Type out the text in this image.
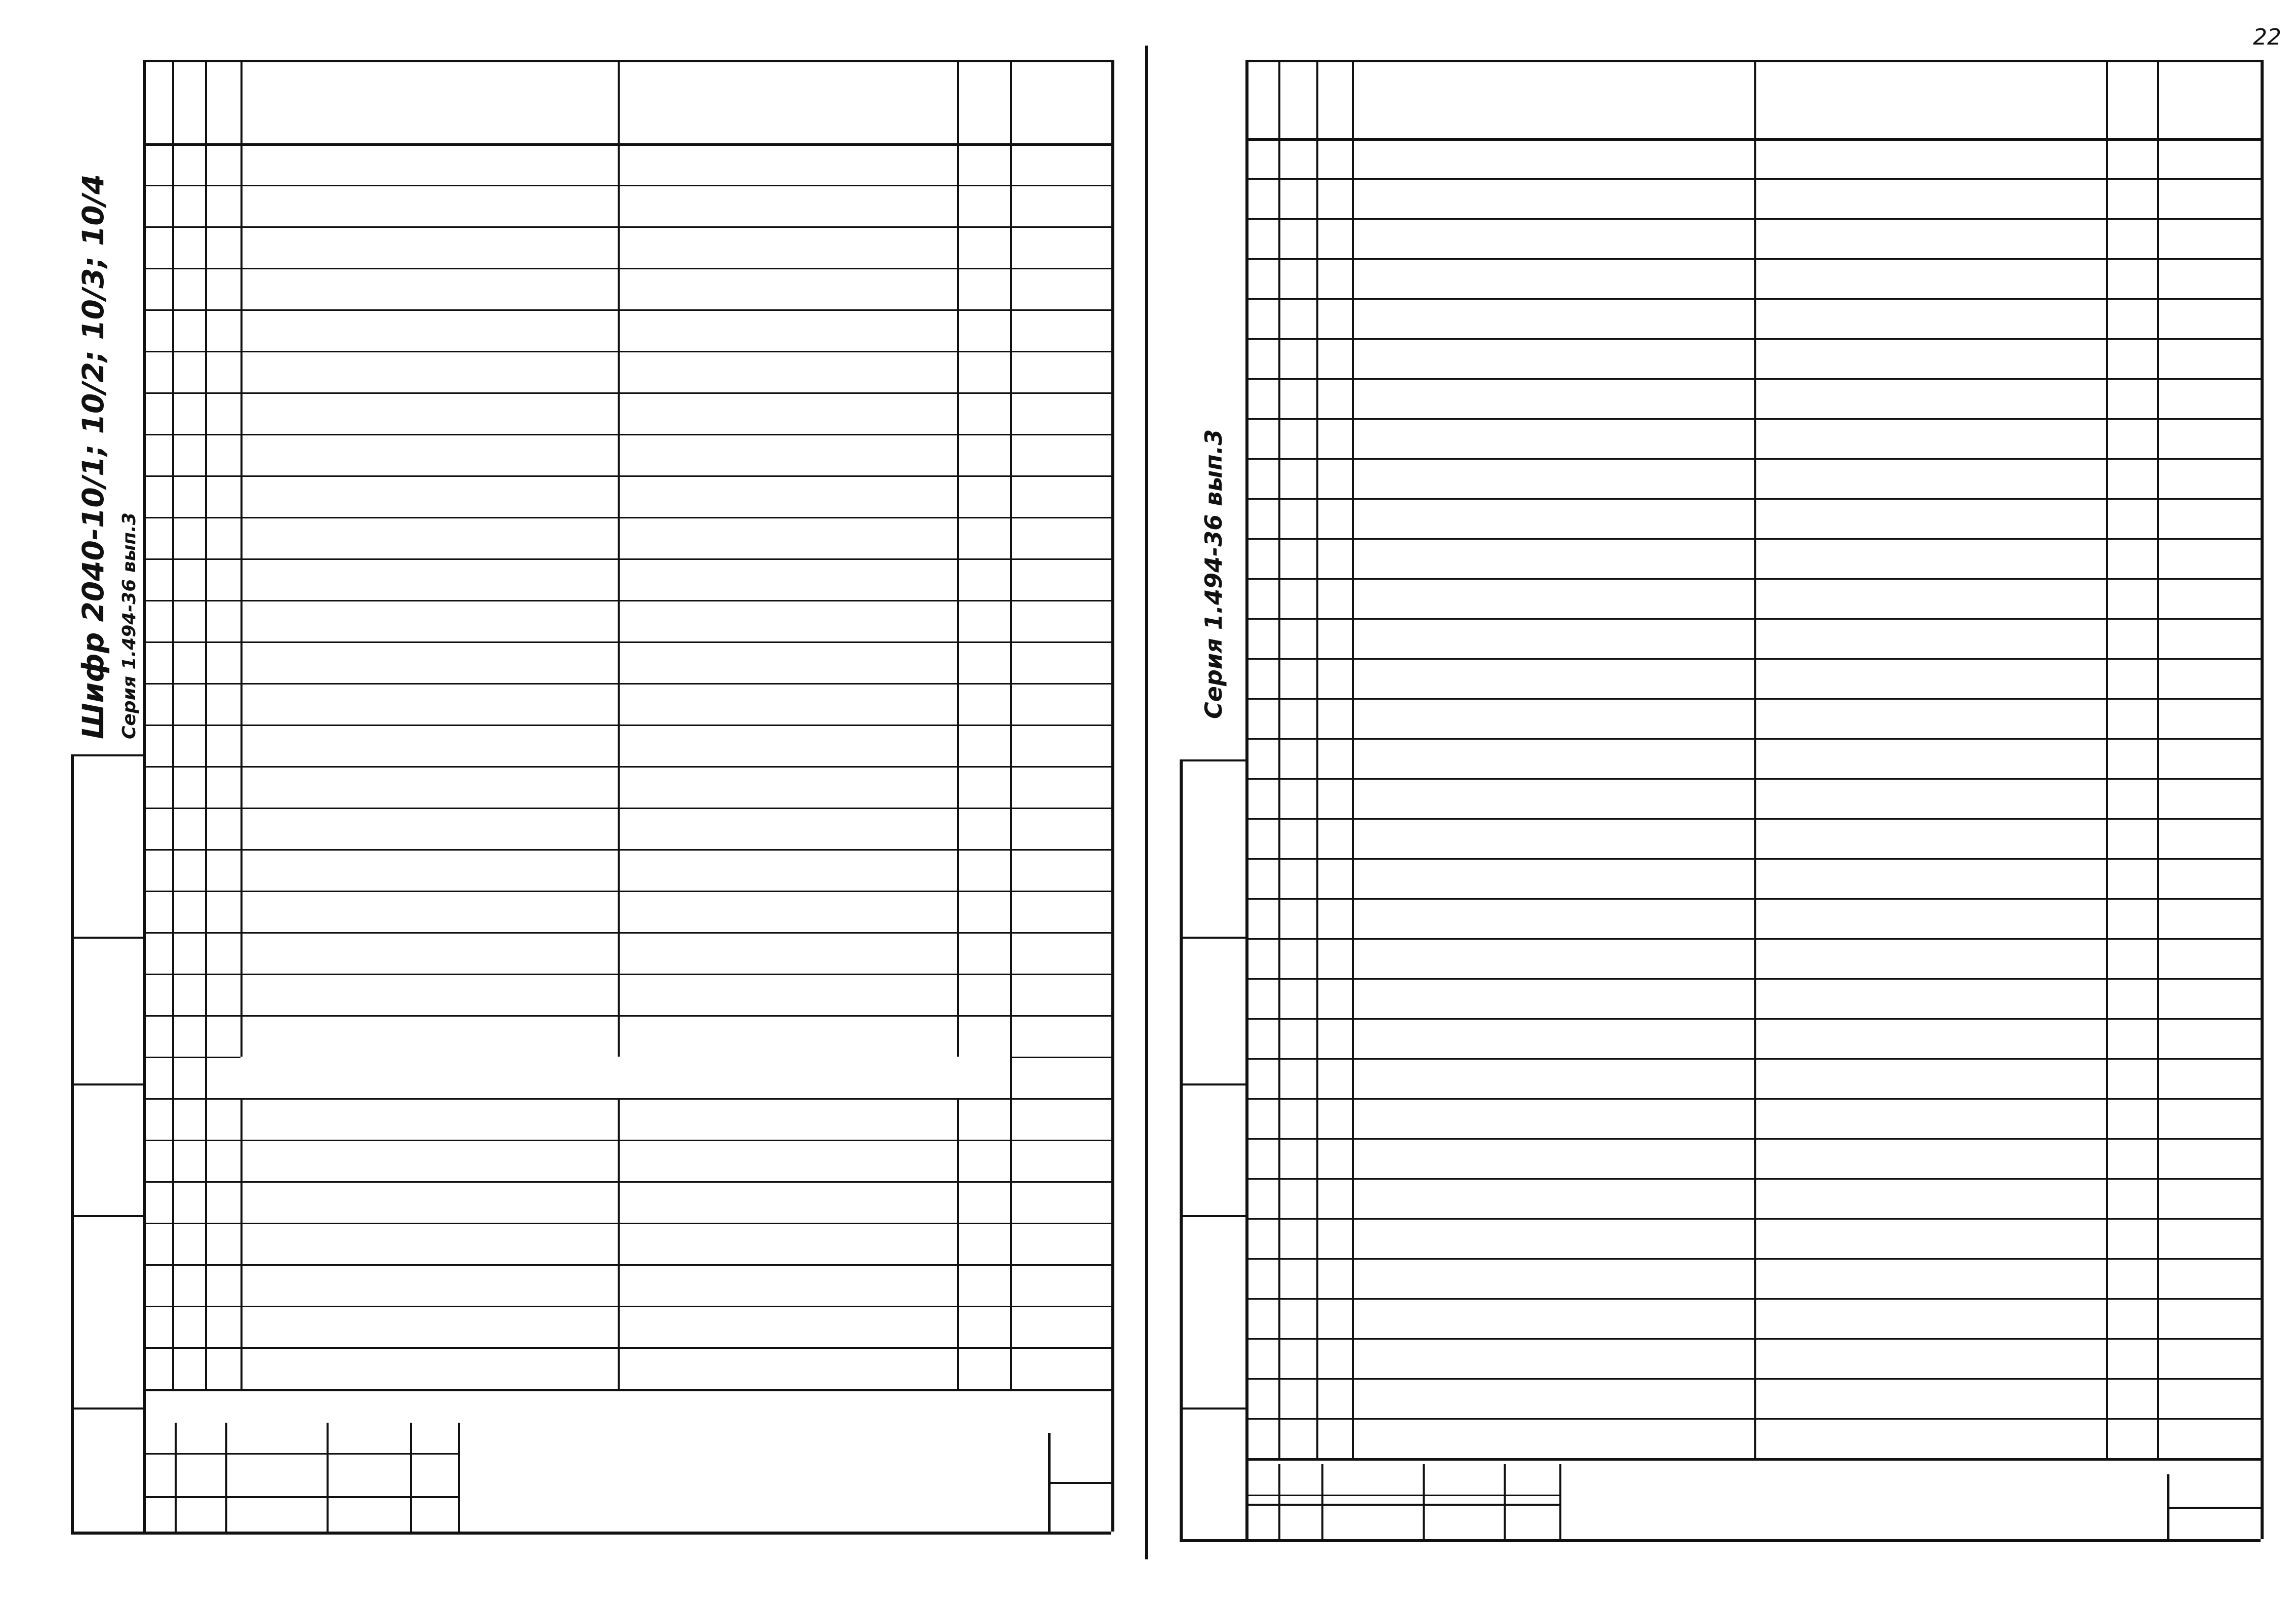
22
Шифр 2040-10/1; 10/2; 10/3; 10/4 Серия 1.494-36 вып.3	Серия 1.494-36 вып.3
